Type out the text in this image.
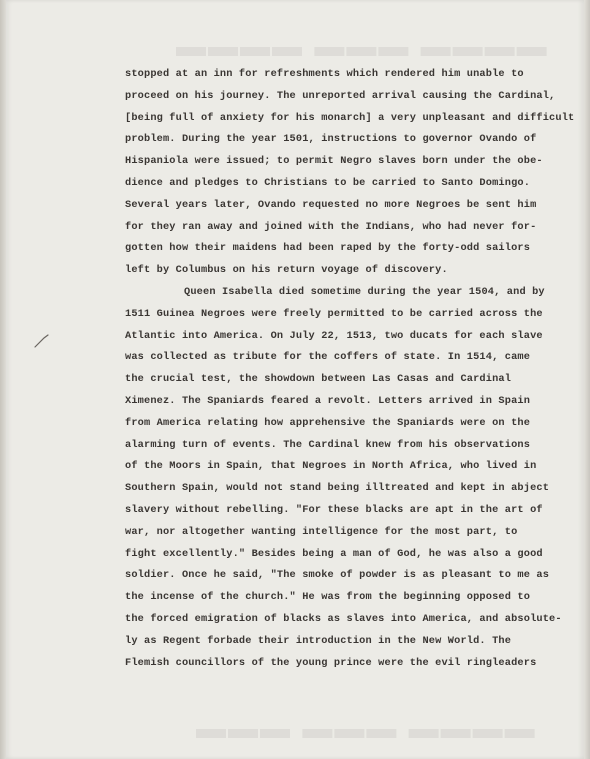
▬▬▬▬ ▬▬▬ ▬▬▬▬
▬▬▬ ▬▬▬ ▬▬▬▬
stopped at an inn for refreshments which rendered him unable to
proceed on his journey. The unreported arrival causing the Cardinal,
[being full of anxiety for his monarch] a very unpleasant and difficult
problem. During the year 1501, instructions to governor Ovando of
Hispaniola were issued; to permit Negro slaves born under the obe-
dience and pledges to Christians to be carried to Santo Domingo.
Several years later, Ovando requested no more Negroes be sent him
for they ran away and joined with the Indians, who had never for-
gotten how their maidens had been raped by the forty-odd sailors
left by Columbus on his return voyage of discovery.
Queen Isabella died sometime during the year 1504, and by
1511 Guinea Negroes were freely permitted to be carried across the
Atlantic into America. On July 22, 1513, two ducats for each slave
was collected as tribute for the coffers of state. In 1514, came
the crucial test, the showdown between Las Casas and Cardinal
Ximenez. The Spaniards feared a revolt. Letters arrived in Spain
from America relating how apprehensive the Spaniards were on the
alarming turn of events. The Cardinal knew from his observations
of the Moors in Spain, that Negroes in North Africa, who lived in
Southern Spain, would not stand being illtreated and kept in abject
slavery without rebelling. "For these blacks are apt in the art of
war, nor altogether wanting intelligence for the most part, to
fight excellently." Besides being a man of God, he was also a good
soldier. Once he said, "The smoke of powder is as pleasant to me as
the incense of the church." He was from the beginning opposed to
the forced emigration of blacks as slaves into America, and absolute-
ly as Regent forbade their introduction in the New World. The
Flemish councillors of the young prince were the evil ringleaders
